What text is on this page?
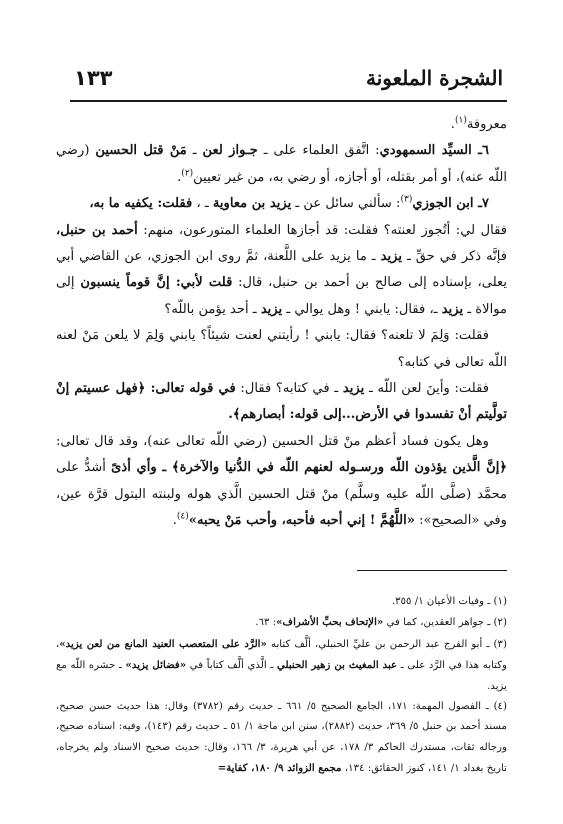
١٣٣	الشجرة الملعونة

معروفة$^{(١)}$.

٦ـ السيِّد السمهودي: اتَّفق العلماء على ـ جـواز لعن ـ مَنْ قتل الحسين (رضي اللّه عنه)، أو أمر بقتله، أو أجازه، أو رضي به، من غير تعيين$^{(٢)}$.

٧ـ ابن الجوزي$^{(٣)}$: سألني سائل عن ـ يزيد بن معاوية ـ ، فقلت: يكفيه ما به،

فقال لي: أتُجوز لعنته؟ فقلت: قد أجازها العلماء المتورعون، منهم: أحمد بن حنبل، فإنَّه ذكر في حقِّ ـ يزيد ـ ما يزيد على اللَّعنة، ثمَّ روى ابن الجوزي، عن القاضي أبي يعلى، بإسناده إلى صالح بن أحمد بن حنبل، قال: قلت لأبي: إنَّ قوماً ينسبون إلى موالاة ـ يزيد ـ، فقال: يابني ! وهل يوالي ـ يزيد ـ أحد يؤمن باللّه؟

فقلت: وَلِمَ لا تلعنه؟ فقال: يابني ! رأيتني لعنت شيئاً؟ يابني وَلِمَ لا يلعن مَنْ لعنه اللّه تعالى في كتابه؟

فقلت: وأينَ لعن اللّه ـ يزيد ـ في كتابه؟ فقال: في قوله تعالى: ﴿فهل عسيتم إنْ تولَّيتم أنْ تفسدوا في الأرض...إلى قوله: أبصارهم﴾.

وهل يكون فساد أعظم منْ قتل الحسين (رضي اللّه تعالى عنه)، وقد قال تعالى: ﴿إنَّ الَّذين يؤذون اللّه ورسـوله لعنهم اللّه في الدُّنيا والآخرة﴾ ـ وأي أذىً أشدُّ على محمَّد (صلَّى اللّه عليه وسلَّم) منْ قتل الحسين الَّذي هوله ولبنته البتول قرَّة عين، وفي «الصحيح»: «اللَّهُمَّ ! إني أحبه فأحبه، وأحب مَنْ يحبه»$^{(٤)}$.

(١) ـ وفيات الأعيان ١/ ٣٥٥.

(٢) ـ جواهر العقدين، كما في «الإتحاف بحبِّ الأشراف»: ٦٣.

(٣) ـ أبو الفرج عبد الرحمن بن عليِّ الحنبلي، ألَّف كتابه «الرَّد على المتعصب العنيد المانع من لعن يزيد»، وكتابه هذا في الرَّد على ـ عبد المغيث بن زهير الحنبلي ـ الَّذي ألَّف كتاباً في «فضائل يزيد» ـ حشره اللّه مع يزيد.

(٤) ـ الفصول المهمة: ١٧١، الجامع الصحيح ٥/ ٦٦١ ـ حديث رقم (٣٧٨٢) وقال: هذا حديث حسن صحيح، مسند أحمد بن حنبل ٥/ ٣٦٩، حديث (٢٨٨٢)، سنن ابن ماجة ١/ ٥١ ـ حديث رقم (١٤٣)، وفيه: اسناده صحيح، ورجاله ثقات، مستدرك الحاكم ٣/ ١٧٨، عن أبي هريرة، ٣/ ١٦٦، وقال: حديث صحيح الاسناد ولم يخرجاه، تاريخ بغداد ١/ ١٤١، كنوز الحقائق: ١٣٤، مجمع الزوائد ٩/ ١٨٠، كفاية=
